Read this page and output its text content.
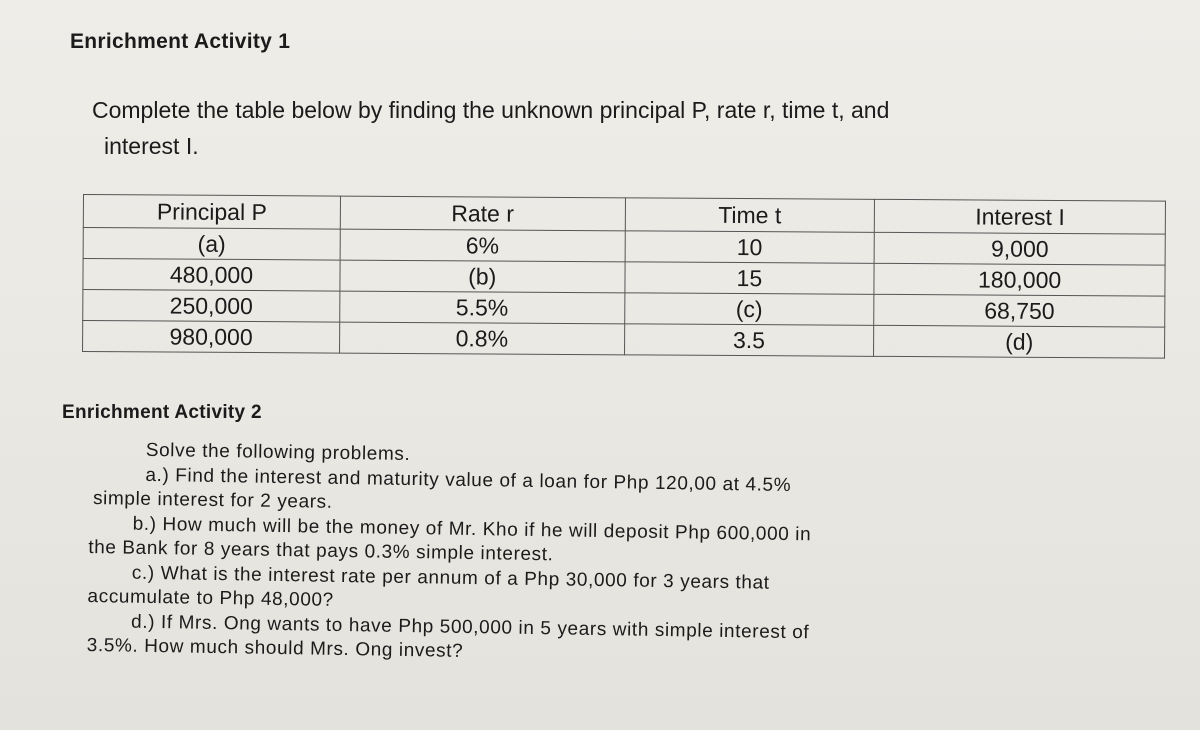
Enrichment Activity 1
Complete the table below by finding the unknown principal P, rate r, time t, and
interest I.
Principal P	Rate r	Time t	Interest I
(a)	6%	10	9,000
480,000	(b)	15	180,000
250,000	5.5%	(c)	68,750
980,000	0.8%	3.5	(d)
Enrichment Activity 2
Solve the following problems.
a.) Find the interest and maturity value of a loan for Php 120,00 at 4.5%
simple interest for 2 years.
b.) How much will be the money of Mr. Kho if he will deposit Php 600,000 in
the Bank for 8 years that pays 0.3% simple interest.
c.) What is the interest rate per annum of a Php 30,000 for 3 years that
accumulate to Php 48,000?
d.) If Mrs. Ong wants to have Php 500,000 in 5 years with simple interest of
3.5%. How much should Mrs. Ong invest?
